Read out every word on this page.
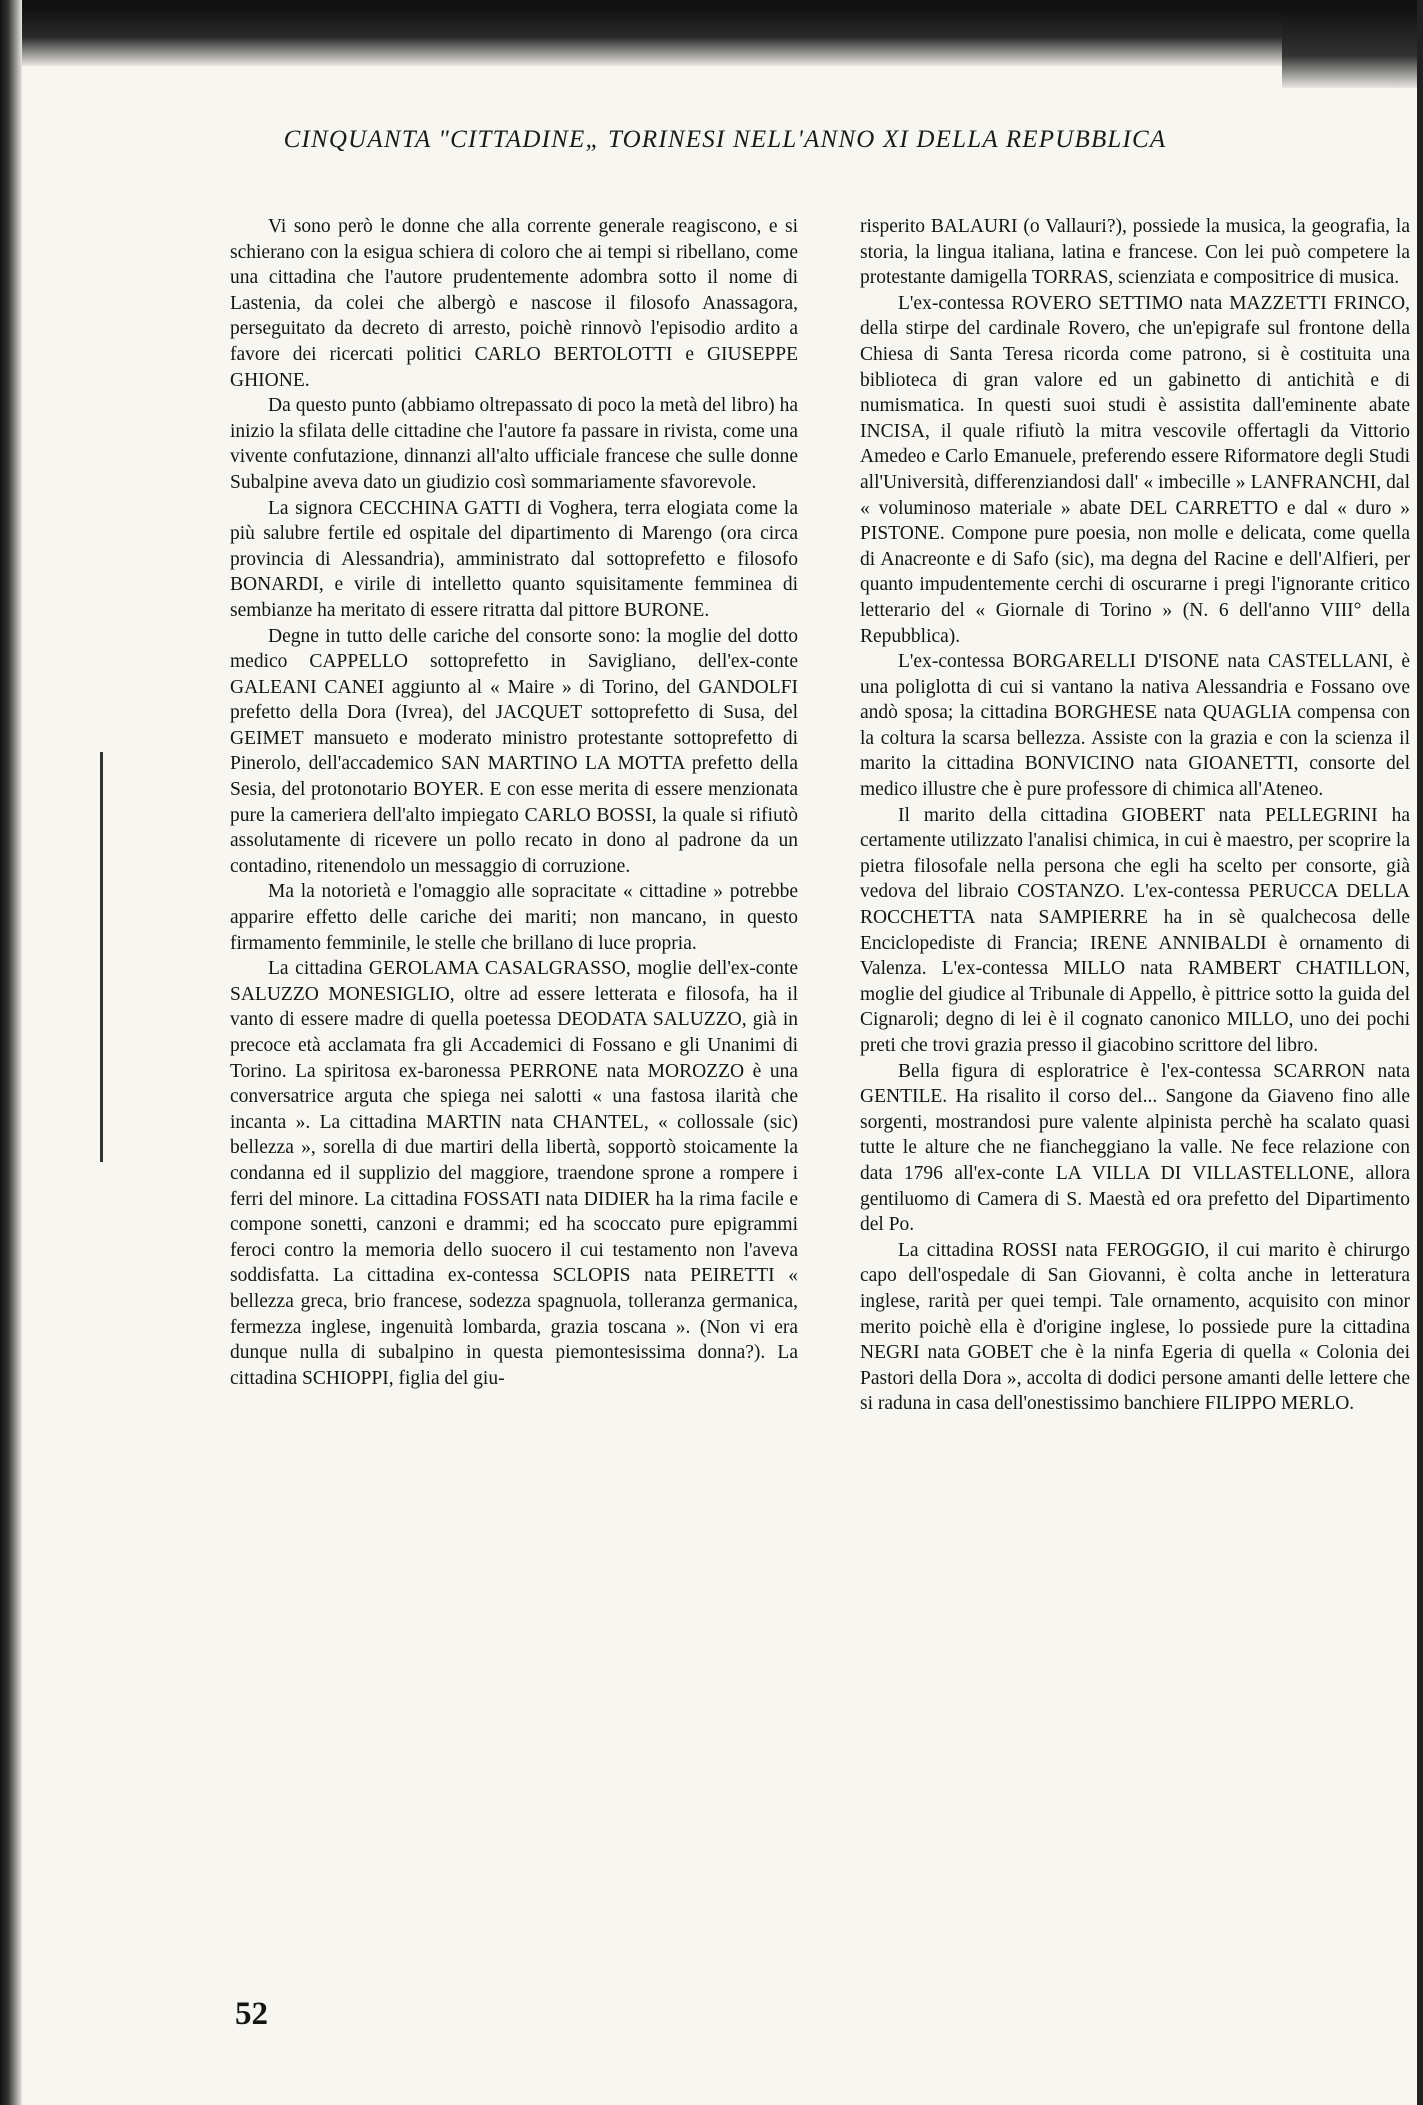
CINQUANTA "CITTADINE„ TORINESI NELL'ANNO XI DELLA REPUBBLICA

Vi sono però le donne che alla corrente generale reagiscono, e si schierano con la esigua schiera di coloro che ai tempi si ribellano, come una cittadina che l'autore prudentemente adombra sotto il nome di Lastenia, da colei che albergò e nascose il filosofo Anassagora, perseguitato da decreto di arresto, poichè rinnovò l'episodio ardito a favore dei ricercati politici CARLO BERTOLOTTI e GIUSEPPE GHIONE.

Da questo punto (abbiamo oltrepassato di poco la metà del libro) ha inizio la sfilata delle cittadine che l'autore fa passare in rivista, come una vivente confutazione, dinnanzi all'alto ufficiale francese che sulle donne Subalpine aveva dato un giudizio così sommariamente sfavorevole.

La signora CECCHINA GATTI di Voghera, terra elogiata come la più salubre fertile ed ospitale del dipartimento di Marengo (ora circa provincia di Alessandria), amministrato dal sottoprefetto e filosofo BONARDI, e virile di intelletto quanto squisitamente femminea di sembianze ha meritato di essere ritratta dal pittore BURONE.

Degne in tutto delle cariche del consorte sono: la moglie del dotto medico CAPPELLO sottoprefetto in Savigliano, dell'ex-conte GALEANI CANEI aggiunto al « Maire » di Torino, del GANDOLFI prefetto della Dora (Ivrea), del JACQUET sottoprefetto di Susa, del GEIMET mansueto e moderato ministro protestante sottoprefetto di Pinerolo, dell'accademico SAN MARTINO LA MOTTA prefetto della Sesia, del protonotario BOYER. E con esse merita di essere menzionata pure la cameriera dell'alto impiegato CARLO BOSSI, la quale si rifiutò assolutamente di ricevere un pollo recato in dono al padrone da un contadino, ritenendolo un messaggio di corruzione.

Ma la notorietà e l'omaggio alle sopracitate « cittadine » potrebbe apparire effetto delle cariche dei mariti; non mancano, in questo firmamento femminile, le stelle che brillano di luce propria.

La cittadina GEROLAMA CASALGRASSO, moglie dell'ex-conte SALUZZO MONESIGLIO, oltre ad essere letterata e filosofa, ha il vanto di essere madre di quella poetessa DEODATA SALUZZO, già in precoce età acclamata fra gli Accademici di Fossano e gli Unanimi di Torino. La spiritosa ex-baronessa PERRONE nata MOROZZO è una conversatrice arguta che spiega nei salotti « una fastosa ilarità che incanta ». La cittadina MARTIN nata CHANTEL, « collossale (sic) bellezza », sorella di due martiri della libertà, sopportò stoicamente la condanna ed il supplizio del maggiore, traendone sprone a rompere i ferri del minore. La cittadina FOSSATI nata DIDIER ha la rima facile e compone sonetti, canzoni e drammi; ed ha scoccato pure epigrammi feroci contro la memoria dello suocero il cui testamento non l'aveva soddisfatta. La cittadina ex-contessa SCLOPIS nata PEIRETTI « bellezza greca, brio francese, sodezza spagnuola, tolleranza germanica, fermezza inglese, ingenuità lombarda, grazia toscana ». (Non vi era dunque nulla di subalpino in questa piemontesissima donna?). La cittadina SCHIOPPI, figlia del giu-

risperito BALAURI (o Vallauri?), possiede la musica, la geografia, la storia, la lingua italiana, latina e francese. Con lei può competere la protestante damigella TORRAS, scienziata e compositrice di musica.

L'ex-contessa ROVERO SETTIMO nata MAZZETTI FRINCO, della stirpe del cardinale Rovero, che un'epigrafe sul frontone della Chiesa di Santa Teresa ricorda come patrono, si è costituita una biblioteca di gran valore ed un gabinetto di antichità e di numismatica. In questi suoi studi è assistita dall'eminente abate INCISA, il quale rifiutò la mitra vescovile offertagli da Vittorio Amedeo e Carlo Emanuele, preferendo essere Riformatore degli Studi all'Università, differenziandosi dall' « imbecille » LANFRANCHI, dal « voluminoso materiale » abate DEL CARRETTO e dal « duro » PISTONE. Compone pure poesia, non molle e delicata, come quella di Anacreonte e di Safo (sic), ma degna del Racine e dell'Alfieri, per quanto impudentemente cerchi di oscurarne i pregi l'ignorante critico letterario del « Giornale di Torino » (N. 6 dell'anno VIII° della Repubblica).

L'ex-contessa BORGARELLI D'ISONE nata CASTELLANI, è una poliglotta di cui si vantano la nativa Alessandria e Fossano ove andò sposa; la cittadina BORGHESE nata QUAGLIA compensa con la coltura la scarsa bellezza. Assiste con la grazia e con la scienza il marito la cittadina BONVICINO nata GIOANETTI, consorte del medico illustre che è pure professore di chimica all'Ateneo.

Il marito della cittadina GIOBERT nata PELLEGRINI ha certamente utilizzato l'analisi chimica, in cui è maestro, per scoprire la pietra filosofale nella persona che egli ha scelto per consorte, già vedova del libraio COSTANZO. L'ex-contessa PERUCCA DELLA ROCCHETTA nata SAMPIERRE ha in sè qualchecosa delle Enciclopediste di Francia; IRENE ANNIBALDI è ornamento di Valenza. L'ex-contessa MILLO nata RAMBERT CHATILLON, moglie del giudice al Tribunale di Appello, è pittrice sotto la guida del Cignaroli; degno di lei è il cognato canonico MILLO, uno dei pochi preti che trovi grazia presso il giacobino scrittore del libro.

Bella figura di esploratrice è l'ex-contessa SCARRON nata GENTILE. Ha risalito il corso del... Sangone da Giaveno fino alle sorgenti, mostrandosi pure valente alpinista perchè ha scalato quasi tutte le alture che ne fiancheggiano la valle. Ne fece relazione con data 1796 all'ex-conte LA VILLA DI VILLASTELLONE, allora gentiluomo di Camera di S. Maestà ed ora prefetto del Dipartimento del Po.

La cittadina ROSSI nata FEROGGIO, il cui marito è chirurgo capo dell'ospedale di San Giovanni, è colta anche in letteratura inglese, rarità per quei tempi. Tale ornamento, acquisito con minor merito poichè ella è d'origine inglese, lo possiede pure la cittadina NEGRI nata GOBET che è la ninfa Egeria di quella « Colonia dei Pastori della Dora », accolta di dodici persone amanti delle lettere che si raduna in casa dell'onestissimo banchiere FILIPPO MERLO.

52
